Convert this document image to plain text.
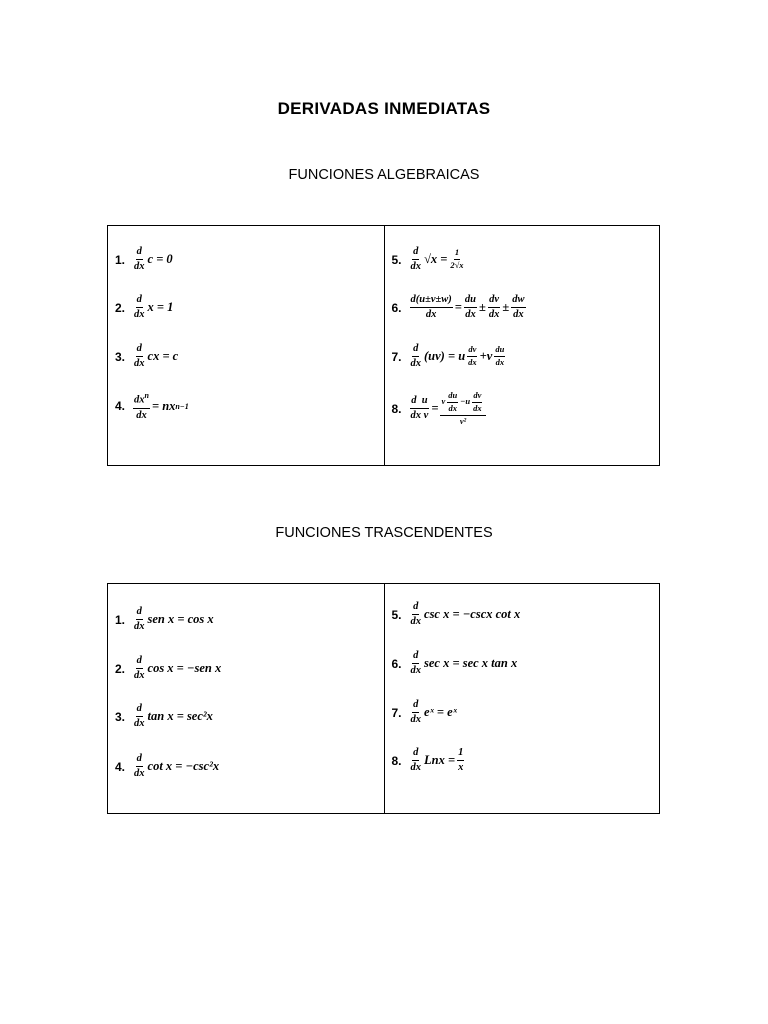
DERIVADAS INMEDIATAS
FUNCIONES ALGEBRAICAS
1. $\frac{d}{dx}$ c = 0
2. $\frac{d}{dx}$ x = 1
3. $\frac{d}{dx}$ cx = c
4. $\frac{dx^n}{dx}$ = nx n−1
5. $\frac{d}{dx} √x = \frac{1}{2√x}$
6. $\frac{d(u\pm v\pm w)}{dx} = \frac{du}{dx} \pm \frac{dv}{dx} \pm \frac{dw}{dx}$
7. $\frac{d}{dx} (uv) = u \frac{dv}{dx} +v \frac{du}{dx}$
8. $\frac{\text{d  u}}{\text{dx v}} = \frac{v \frac{du}{dx} -u \frac{dv}{dx}}{\text{v²}}$
FUNCIONES TRASCENDENTES
1. $\frac{d}{dx}$ sen x = cos x
2. $\frac{d}{dx}$ cos x = −sen x
3. $\frac{d}{dx}$ tan x = sec²x
4. $\frac{d}{dx}$ cot x = −csc²x
5. $\frac{d}{dx}$ csc x = −cscx cot x
6. $\frac{d}{dx}$ sec x = sec x tan x
7. $\frac{d}{dx}$ eˣ = eˣ
8. $\frac{d}{dx}$ Lnx = $\frac{1}{x}$
